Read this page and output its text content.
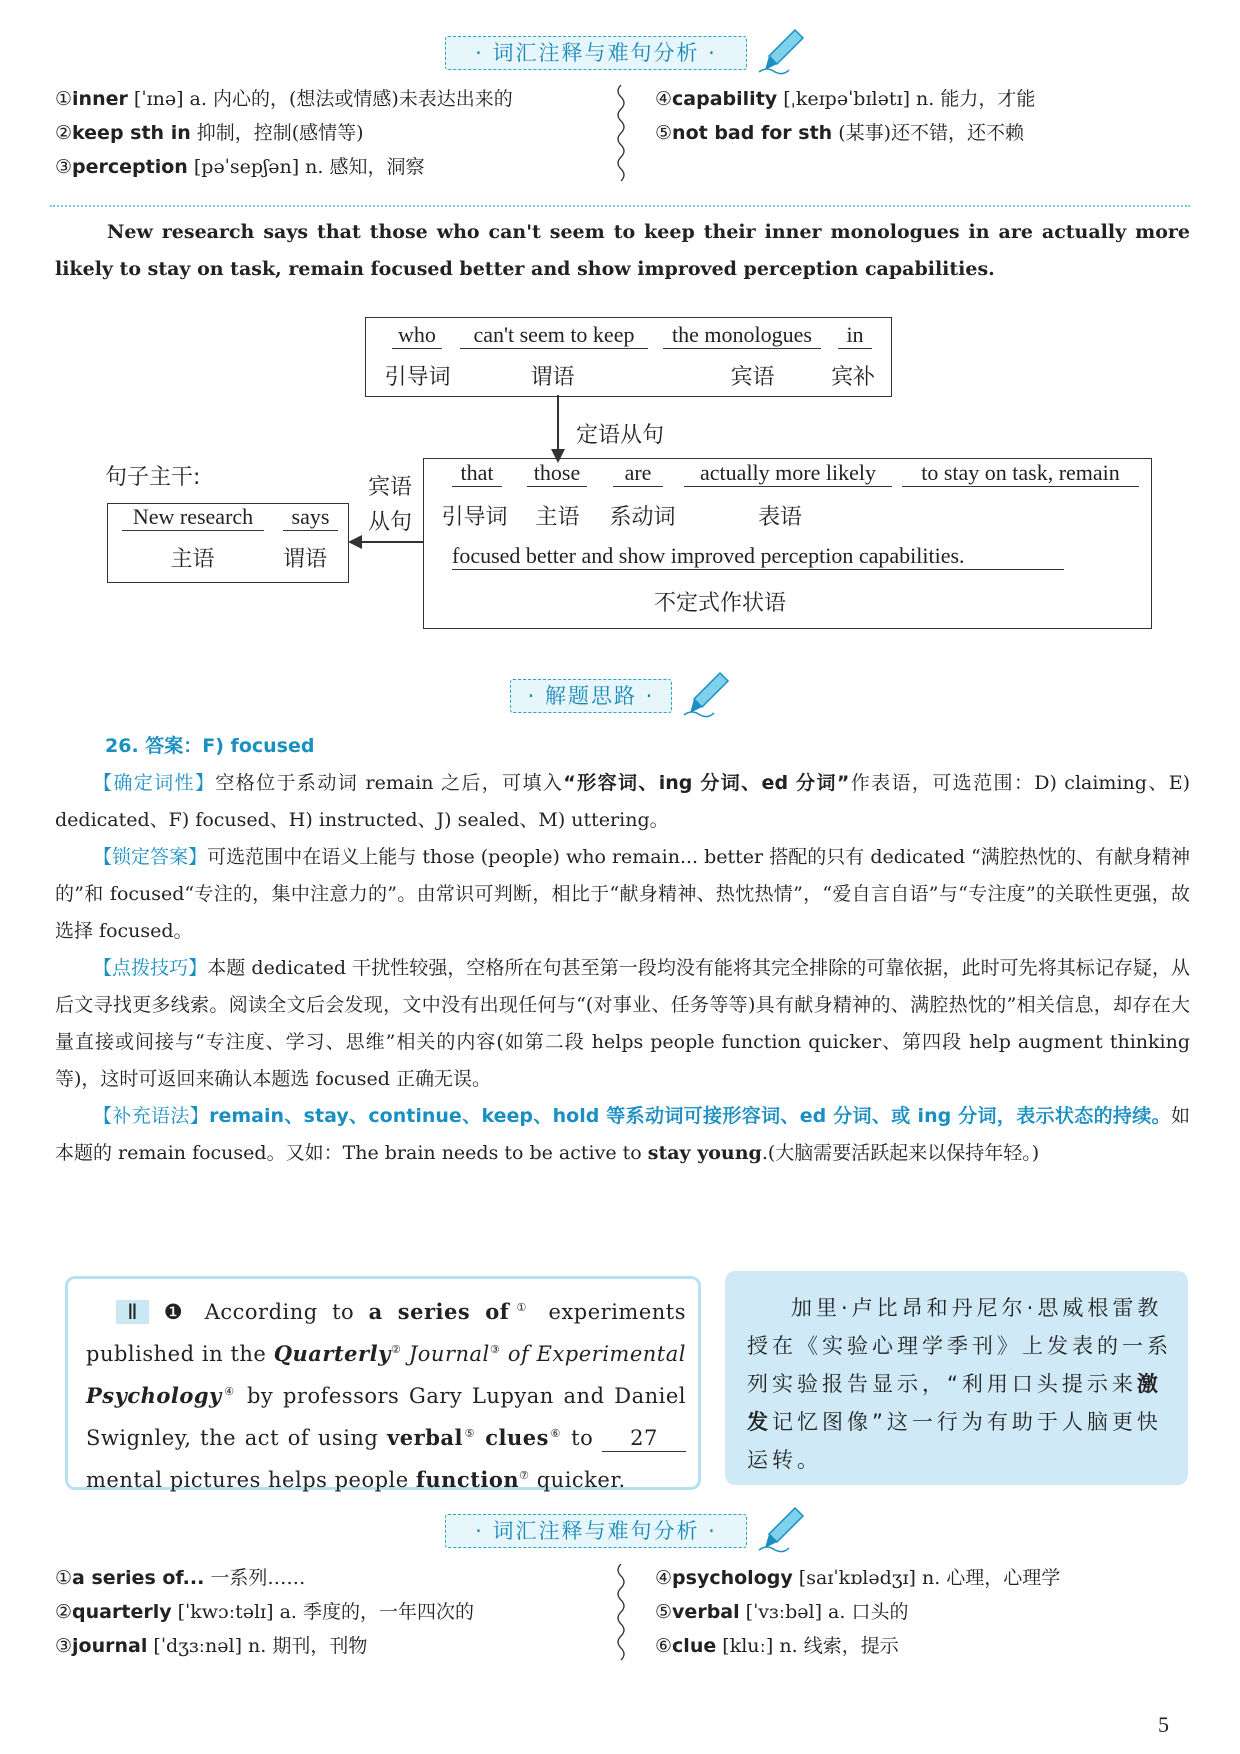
· 词汇注释与难句分析 ·
①inner [ˈɪnə] a. 内心的，(想法或情感)未表达出来的
②keep sth in 抑制，控制(感情等)
③perception [pəˈsepʃən] n. 感知，洞察
④capability [ˌkeɪpəˈbɪlətɪ] n. 能力，才能
⑤not bad for sth (某事)还不错，还不赖
New research says that those who can't seem to keep their inner monologues in are actually more likely to stay on task, remain focused better and show improved perception capabilities.
who	can't seem to keep	the monologues	in
引导词	谓语	宾语	宾补
定语从句
句子主干:
New research	says
主语	谓语
宾语
从句
that	those	are	actually more likely	to stay on task, remain
引导词	主语	系动词	表语
focused better and show improved perception capabilities.
不定式作状语
· 解题思路 ·
26. 答案：F) focused
【确定词性】空格位于系动词 remain 之后，可填入“形容词、ing 分词、ed 分词”作表语，可选范围：D) claiming、E) dedicated、F) focused、H) instructed、J) sealed、M) uttering。
【锁定答案】可选范围中在语义上能与 those (people) who remain... better 搭配的只有 dedicated “满腔热忱的、有献身精神的”和 focused“专注的，集中注意力的”。由常识可判断，相比于“献身精神、热忱热情”，“爱自言自语”与“专注度”的关联性更强，故选择 focused。
【点拨技巧】本题 dedicated 干扰性较强，空格所在句甚至第一段均没有能将其完全排除的可靠依据，此时可先将其标记存疑，从后文寻找更多线索。阅读全文后会发现，文中没有出现任何与“(对事业、任务等等)具有献身精神的、满腔热忱的”相关信息，却存在大量直接或间接与“专注度、学习、思维”相关的内容(如第二段 helps people function quicker、第四段 help augment thinking 等)，这时可返回来确认本题选 focused 正确无误。
【补充语法】remain、stay、continue、keep、hold 等系动词可接形容词、ed 分词、或 ing 分词，表示状态的持续。如本题的 remain focused。又如：The brain needs to be active to stay young.(大脑需要活跃起来以保持年轻。)
Ⅱ ❶ According to a series of① experiments published in the Quarterly② Journal③ of Experimental Psychology④ by professors Gary Lupyan and Daniel Swignley, the act of using verbal⑤ clues⑥ to 27 mental pictures helps people function⑦ quicker.
加里·卢比昂和丹尼尔·思威根雷教授在《实验心理学季刊》上发表的一系列实验报告显示，“利用口头提示来激发记忆图像”这一行为有助于人脑更快运转。
· 词汇注释与难句分析 ·
①a series of... 一系列……
②quarterly [ˈkwɔːtəlɪ] a. 季度的，一年四次的
③journal [ˈdʒɜːnəl] n. 期刊，刊物
④psychology [saɪˈkɒlədʒɪ] n. 心理，心理学
⑤verbal [ˈvɜːbəl] a. 口头的
⑥clue [kluː] n. 线索，提示
5
